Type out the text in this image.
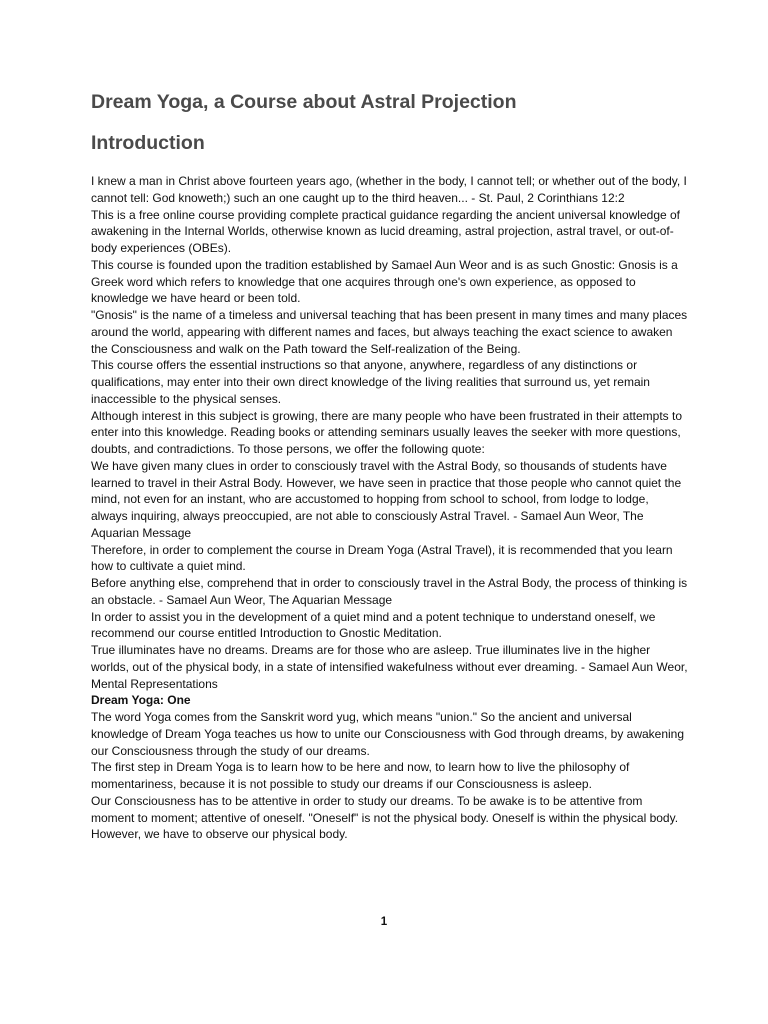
Dream Yoga, a Course about Astral Projection
Introduction

I knew a man in Christ above fourteen years ago, (whether in the body, I cannot tell; or whether out of the body, I cannot tell: God knoweth;) such an one caught up to the third heaven... - St. Paul, 2 Corinthians 12:2

This is a free online course providing complete practical guidance regarding the ancient universal knowledge of awakening in the Internal Worlds, otherwise known as lucid dreaming, astral projection, astral travel, or out-of-body experiences (OBEs).

This course is founded upon the tradition established by Samael Aun Weor and is as such Gnostic: Gnosis is a Greek word which refers to knowledge that one acquires through one's own experience, as opposed to knowledge we have heard or been told.

"Gnosis" is the name of a timeless and universal teaching that has been present in many times and many places around the world, appearing with different names and faces, but always teaching the exact science to awaken the Consciousness and walk on the Path toward the Self-realization of the Being.

This course offers the essential instructions so that anyone, anywhere, regardless of any distinctions or qualifications, may enter into their own direct knowledge of the living realities that surround us, yet remain inaccessible to the physical senses.

Although interest in this subject is growing, there are many people who have been frustrated in their attempts to enter into this knowledge. Reading books or attending seminars usually leaves the seeker with more questions, doubts, and contradictions. To those persons, we offer the following quote:

We have given many clues in order to consciously travel with the Astral Body, so thousands of students have learned to travel in their Astral Body. However, we have seen in practice that those people who cannot quiet the mind, not even for an instant, who are accustomed to hopping from school to school, from lodge to lodge, always inquiring, always preoccupied, are not able to consciously Astral Travel. - Samael Aun Weor, The Aquarian Message

Therefore, in order to complement the course in Dream Yoga (Astral Travel), it is recommended that you learn how to cultivate a quiet mind.

Before anything else, comprehend that in order to consciously travel in the Astral Body, the process of thinking is an obstacle. - Samael Aun Weor, The Aquarian Message

In order to assist you in the development of a quiet mind and a potent technique to understand oneself, we recommend our course entitled Introduction to Gnostic Meditation.

True illuminates have no dreams. Dreams are for those who are asleep. True illuminates live in the higher worlds, out of the physical body, in a state of intensified wakefulness without ever dreaming. - Samael Aun Weor, Mental Representations

Dream Yoga: One

The word Yoga comes from the Sanskrit word yug, which means "union." So the ancient and universal knowledge of Dream Yoga teaches us how to unite our Consciousness with God through dreams, by awakening our Consciousness through the study of our dreams.

The first step in Dream Yoga is to learn how to be here and now, to learn how to live the philosophy of momentariness, because it is not possible to study our dreams if our Consciousness is asleep.

Our Consciousness has to be attentive in order to study our dreams. To be awake is to be attentive from moment to moment; attentive of oneself. "Oneself" is not the physical body. Oneself is within the physical body. However, we have to observe our physical body.

1
